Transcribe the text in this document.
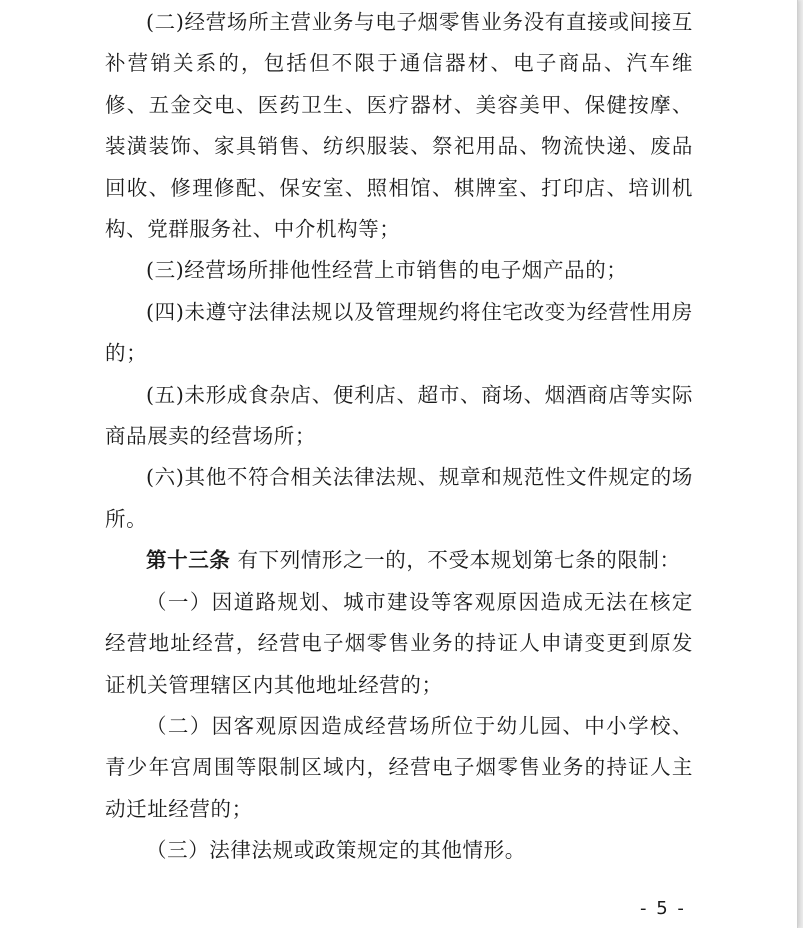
(二)经营场所主营业务与电子烟零售业务没有直接或间接互补营销关系的，包括但不限于通信器材、电子商品、汽车维修、五金交电、医药卫生、医疗器材、美容美甲、保健按摩、装潢装饰、家具销售、纺织服装、祭祀用品、物流快递、废品回收、修理修配、保安室、照相馆、棋牌室、打印店、培训机构、党群服务社、中介机构等；

(三)经营场所排他性经营上市销售的电子烟产品的；

(四)未遵守法律法规以及管理规约将住宅改变为经营性用房的；

(五)未形成食杂店、便利店、超市、商场、烟酒商店等实际商品展卖的经营场所；

(六)其他不符合相关法律法规、规章和规范性文件规定的场所。

第十三条 有下列情形之一的，不受本规划第七条的限制：

（一）因道路规划、城市建设等客观原因造成无法在核定经营地址经营，经营电子烟零售业务的持证人申请变更到原发证机关管理辖区内其他地址经营的；

（二）因客观原因造成经营场所位于幼儿园、中小学校、青少年宫周围等限制区域内，经营电子烟零售业务的持证人主动迁址经营的；

（三）法律法规或政策规定的其他情形。

- 5 -
